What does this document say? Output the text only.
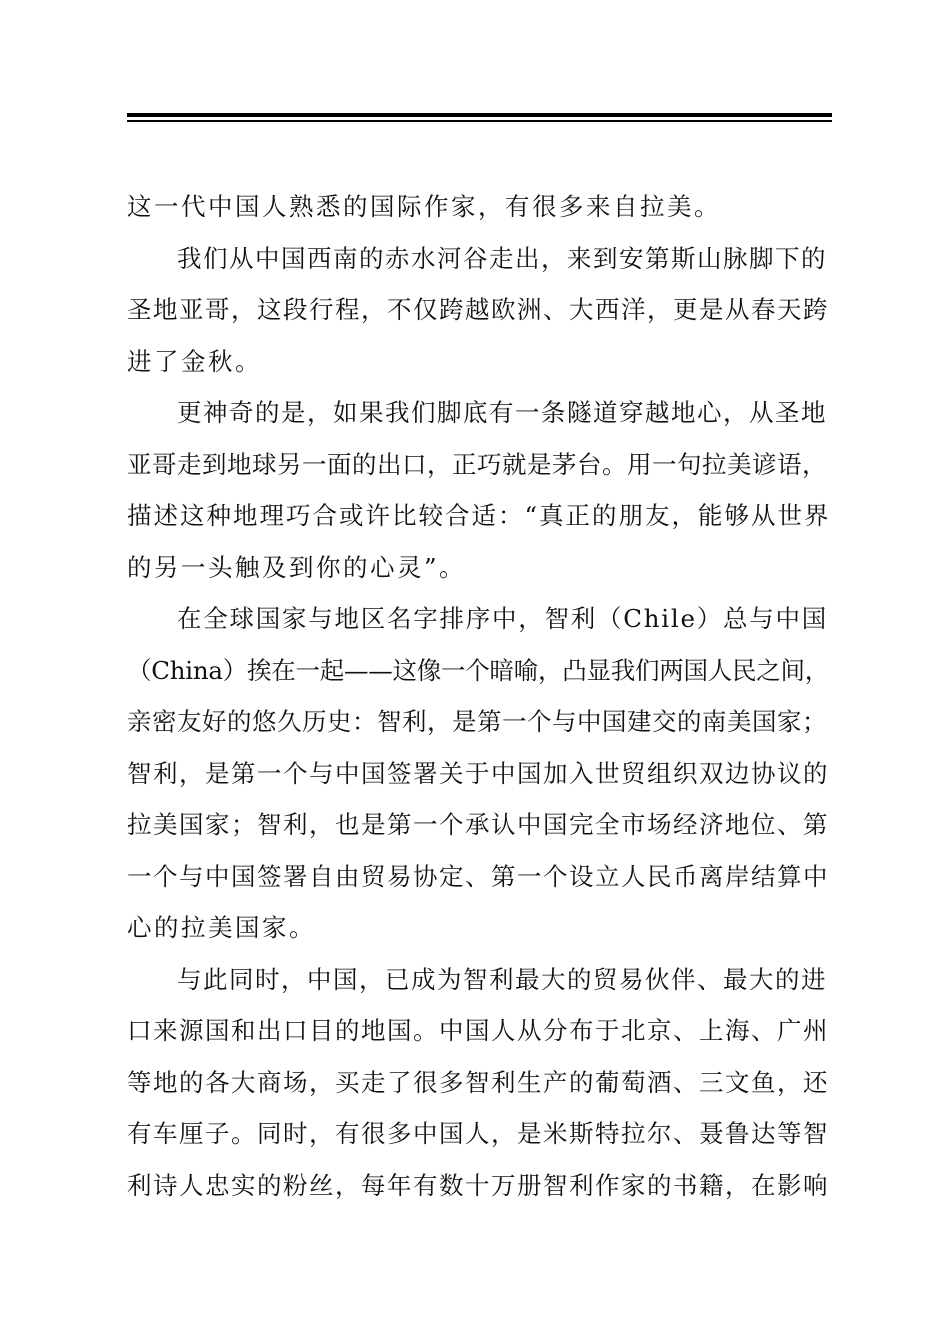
这一代中国人熟悉的国际作家，有很多来自拉美。
我们从中国西南的赤水河谷走出，来到安第斯山脉脚下的
圣地亚哥，这段行程，不仅跨越欧洲、大西洋，更是从春天跨
进了金秋。
更神奇的是，如果我们脚底有一条隧道穿越地心，从圣地
亚哥走到地球另一面的出口，正巧就是茅台。用一句拉美谚语，
描述这种地理巧合或许比较合适：“真正的朋友，能够从世界
的另一头触及到你的心灵”。
在全球国家与地区名字排序中，智利（Chile）总与中国
（China）挨在一起——这像一个暗喻，凸显我们两国人民之间，
亲密友好的悠久历史：智利，是第一个与中国建交的南美国家；
智利，是第一个与中国签署关于中国加入世贸组织双边协议的
拉美国家；智利，也是第一个承认中国完全市场经济地位、第
一个与中国签署自由贸易协定、第一个设立人民币离岸结算中
心的拉美国家。
与此同时，中国，已成为智利最大的贸易伙伴、最大的进
口来源国和出口目的地国。中国人从分布于北京、上海、广州
等地的各大商场，买走了很多智利生产的葡萄酒、三文鱼，还
有车厘子。同时，有很多中国人，是米斯特拉尔、聂鲁达等智
利诗人忠实的粉丝，每年有数十万册智利作家的书籍，在影响
